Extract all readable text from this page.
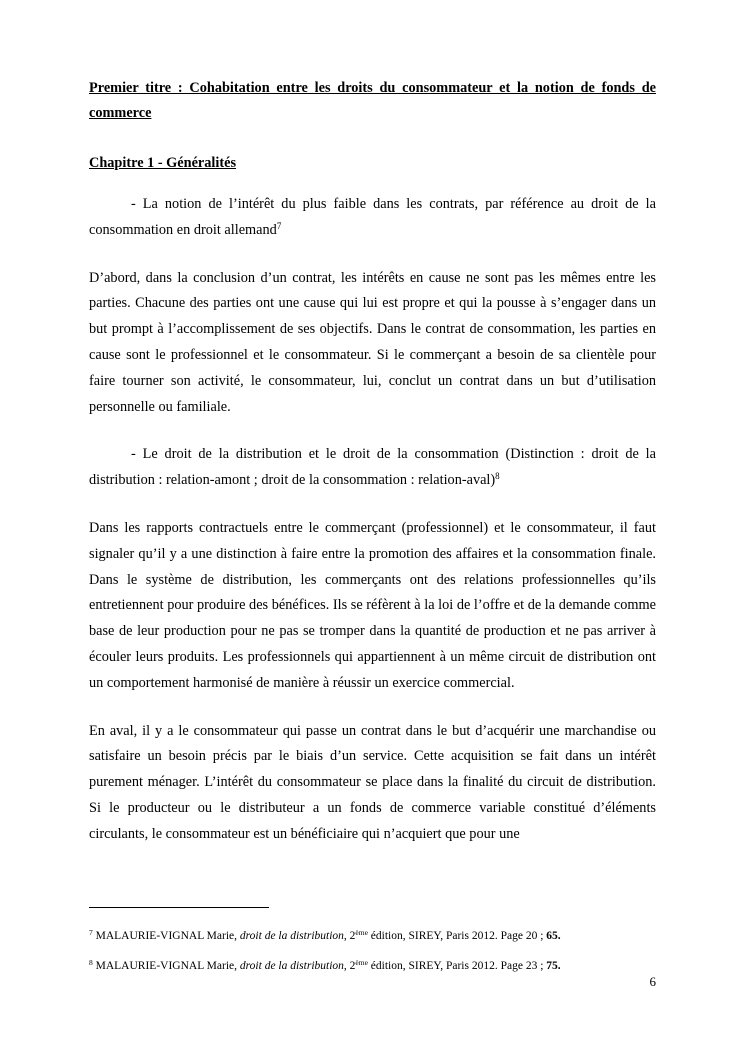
Premier titre : Cohabitation entre les droits du consommateur et la notion de fonds de commerce
Chapitre 1 - Généralités

- La notion de l’intérêt du plus faible dans les contrats, par référence au droit de la consommation en droit allemand$^7$

D’abord, dans la conclusion d’un contrat, les intérêts en cause ne sont pas les mêmes entre les parties. Chacune des parties ont une cause qui lui est propre et qui la pousse à s’engager dans un but prompt à l’accomplissement de ses objectifs. Dans le contrat de consommation, les parties en cause sont le professionnel et le consommateur. Si le commerçant a besoin de sa clientèle pour faire tourner son activité, le consommateur, lui, conclut un contrat dans un but d’utilisation personnelle ou familiale.

- Le droit de la distribution et le droit de la consommation (Distinction : droit de la distribution : relation-amont ; droit de la consommation : relation-aval)$^8$

Dans les rapports contractuels entre le commerçant (professionnel) et le consommateur, il faut signaler qu’il y a une distinction à faire entre la promotion des affaires et la consommation finale. Dans le système de distribution, les commerçants ont des relations professionnelles qu’ils entretiennent pour produire des bénéfices. Ils se réfèrent à la loi de l’offre et de la demande comme base de leur production pour ne pas se tromper dans la quantité de production et ne pas arriver à écouler leurs produits. Les professionnels qui appartiennent à un même circuit de distribution ont un comportement harmonisé de manière à réussir un exercice commercial.

En aval, il y a le consommateur qui passe un contrat dans le but d’acquérir une marchandise ou satisfaire un besoin précis par le biais d’un service. Cette acquisition se fait dans un intérêt purement ménager. L’intérêt du consommateur se place dans la finalité du circuit de distribution. Si le producteur ou le distributeur a un fonds de commerce variable constitué d’éléments circulants, le consommateur est un bénéficiaire qui n’acquiert que pour une

$^7$ MALAURIE-VIGNAL Marie, droit de la distribution, 2ème édition, SIREY, Paris 2012. Page 20 ; 65.
$^8$ MALAURIE-VIGNAL Marie, droit de la distribution, 2ème édition, SIREY, Paris 2012. Page 23 ; 75.
6
